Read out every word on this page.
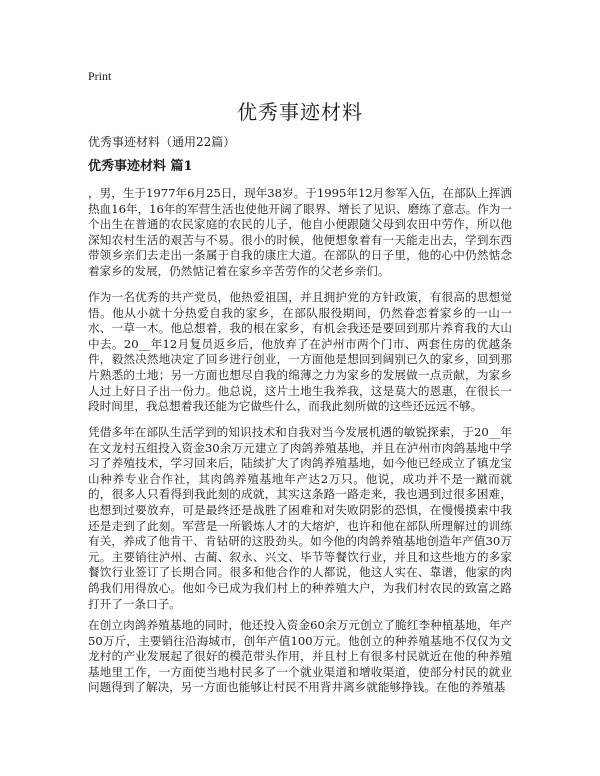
Print
优秀事迹材料
优秀事迹材料（通用22篇）
优秀事迹材料 篇1

，男，生于1977年6月25日，现年38岁。于1995年12月参军入伍，在部队上挥洒热血16年，16年的军营生活也使他开阔了眼界、增长了见识、磨练了意志。作为一个出生在普通的农民家庭的农民的儿子，他自小便跟随父母到农田中劳作，所以他深知农村生活的艰苦与不易。很小的时候，他便想象着有一天能走出去，学到东西带领乡亲们去走出一条属于自我的康庄大道。在部队的日子里，他的心中仍然惦念着家乡的发展，仍然惦记着在家乡辛苦劳作的父老乡亲们。

作为一名优秀的共产党员，他热爱祖国，并且拥护党的方针政策，有很高的思想觉悟。他从小就十分热爱自我的家乡，在部队服役期间，仍然眷恋着家乡的一山一水、一草一木。他总想着，我的根在家乡，有机会我还是要回到那片养育我的大山中去。20__年12月复员返乡后，他放弃了在泸州市两个门市、两套住房的优越条件，毅然决然地决定了回乡进行创业，一方面他是想回到阔别已久的家乡，回到那片熟悉的土地；另一方面也想尽自我的绵薄之力为家乡的发展做一点贡献，为家乡人过上好日子出一份力。他总说，这片土地生我养我，这是莫大的恩惠，在很长一段时间里，我总想着我还能为它做些什么，而我此刻所做的这些还远远不够。

凭借多年在部队生活学到的知识技术和自我对当今发展机遇的敏锐探索，于20__年在文龙村五组投入资金30余万元建立了肉鸽养殖基地，并且在泸州市肉鸽基地中学习了养殖技术，学习回来后，陆续扩大了肉鸽养殖基地，如今他已经成立了镇龙宝山种养专业合作社，其肉鸽养殖基地年产达2万只。他说，成功并不是一蹴而就的，很多人只看得到我此刻的成就，其实这条路一路走来，我也遇到过很多困难，也想到过要放弃，可是最终还是战胜了困难和对失败阴影的恐惧，在慢慢摸索中我还是走到了此刻。军营是一所锻炼人才的大熔炉，也许和他在部队所理解过的训练有关，养成了他肯干、肯钻研的这股劲头。如今他的肉鸽养殖基地创造年产值30万元。主要销往泸州、古蔺、叙永、兴文、毕节等餐饮行业，并且和这些地方的多家餐饮行业签订了长期合同。很多和他合作的人都说，他这人实在、靠谱，他家的肉鸽我们用得放心。他如今已成为我们村上的种养殖大户，为我们村农民的致富之路打开了一条口子。

在创立肉鸽养殖基地的同时，他还投入资金60余万元创立了脆红李种植基地，年产50万斤，主要销往沿海城市，创年产值100万元。他创立的种养殖基地不仅仅为文龙村的产业发展起了很好的模范带头作用，并且村上有很多村民就近在他的种养殖基地里工作，一方面使当地村民多了一个就业渠道和增收渠道，使部分村民的就业问题得到了解决，另一方面也能够让村民不用背井离乡就能够挣钱。在他的养殖基
